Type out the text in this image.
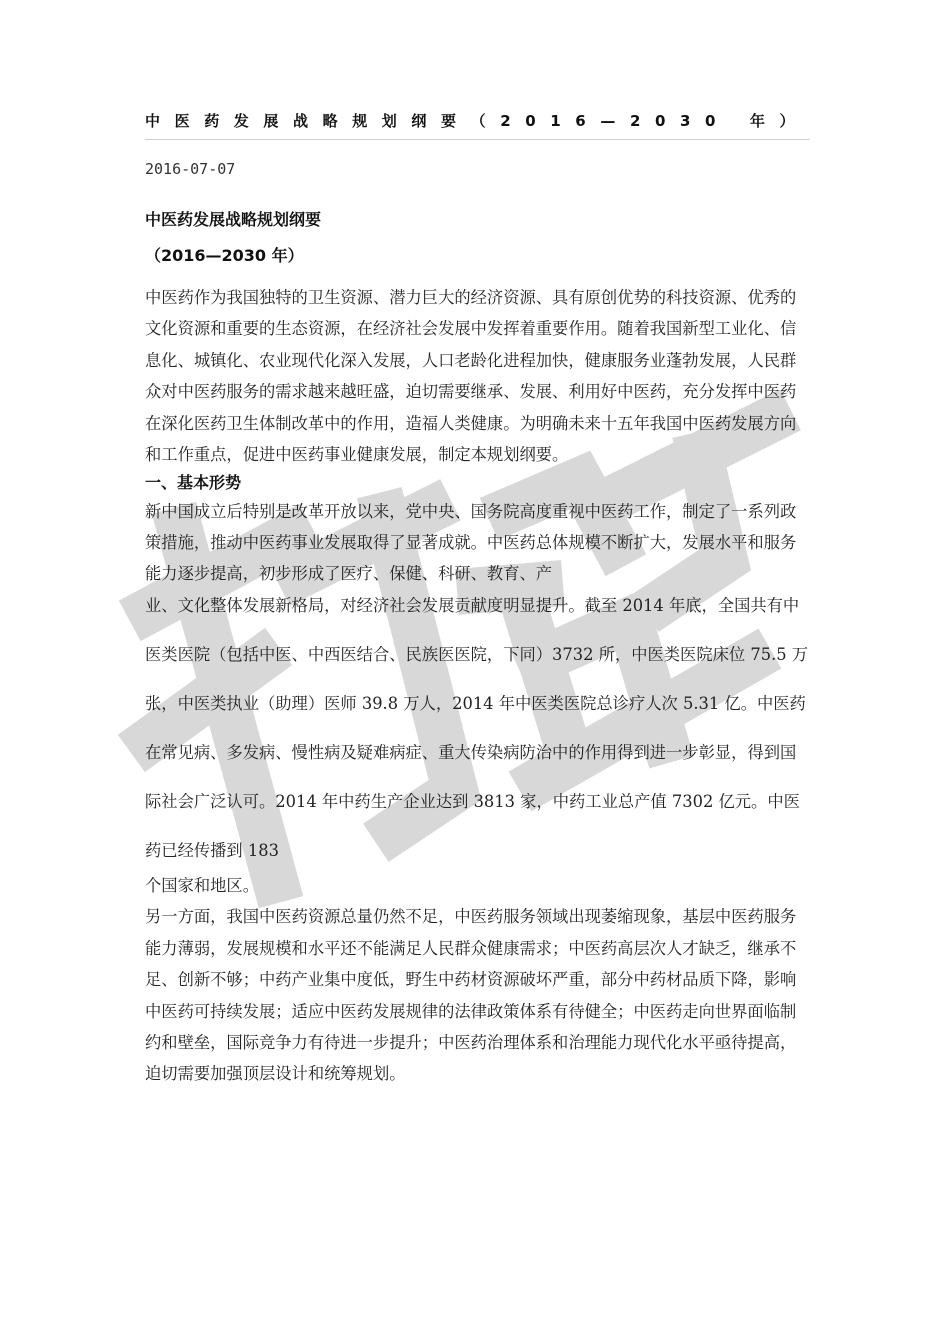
中医药发展战略规划纲要（2016—2030 年）
2016-07-07
中医药发展战略规划纲要
（2016—2030 年）

中医药作为我国独特的卫生资源、潜力巨大的经济资源、具有原创优势的科技资源、优秀的文化资源和重要的生态资源，在经济社会发展中发挥着重要作用。随着我国新型工业化、信息化、城镇化、农业现代化深入发展，人口老龄化进程加快，健康服务业蓬勃发展，人民群众对中医药服务的需求越来越旺盛，迫切需要继承、发展、利用好中医药，充分发挥中医药在深化医药卫生体制改革中的作用，造福人类健康。为明确未来十五年我国中医药发展方向和工作重点，促进中医药事业健康发展，制定本规划纲要。

一、基本形势

新中国成立后特别是改革开放以来，党中央、国务院高度重视中医药工作，制定了一系列政策措施，推动中医药事业发展取得了显著成就。中医药总体规模不断扩大，发展水平和服务能力逐步提高，初步形成了医疗、保健、科研、教育、产

业、文化整体发展新格局，对经济社会发展贡献度明显提升。截至 2014 年底，全国共有中医类医院（包括中医、中西医结合、民族医医院，下同）3732 所，中医类医院床位 75.5 万张，中医类执业（助理）医师 39.8 万人，2014 年中医类医院总诊疗人次 5.31 亿。中医药在常见病、多发病、慢性病及疑难病症、重大传染病防治中的作用得到进一步彰显，得到国际社会广泛认可。2014 年中药生产企业达到 3813 家，中药工业总产值 7302 亿元。中医药已经传播到 183

个国家和地区。

另一方面，我国中医药资源总量仍然不足，中医药服务领域出现萎缩现象，基层中医药服务能力薄弱，发展规模和水平还不能满足人民群众健康需求；中医药高层次人才缺乏，继承不足、创新不够；中药产业集中度低，野生中药材资源破坏严重，部分中药材品质下降，影响中医药可持续发展；适应中医药发展规律的法律政策体系有待健全；中医药走向世界面临制约和壁垒，国际竞争力有待进一步提升；中医药治理体系和治理能力现代化水平亟待提高，迫切需要加强顶层设计和统筹规划。
